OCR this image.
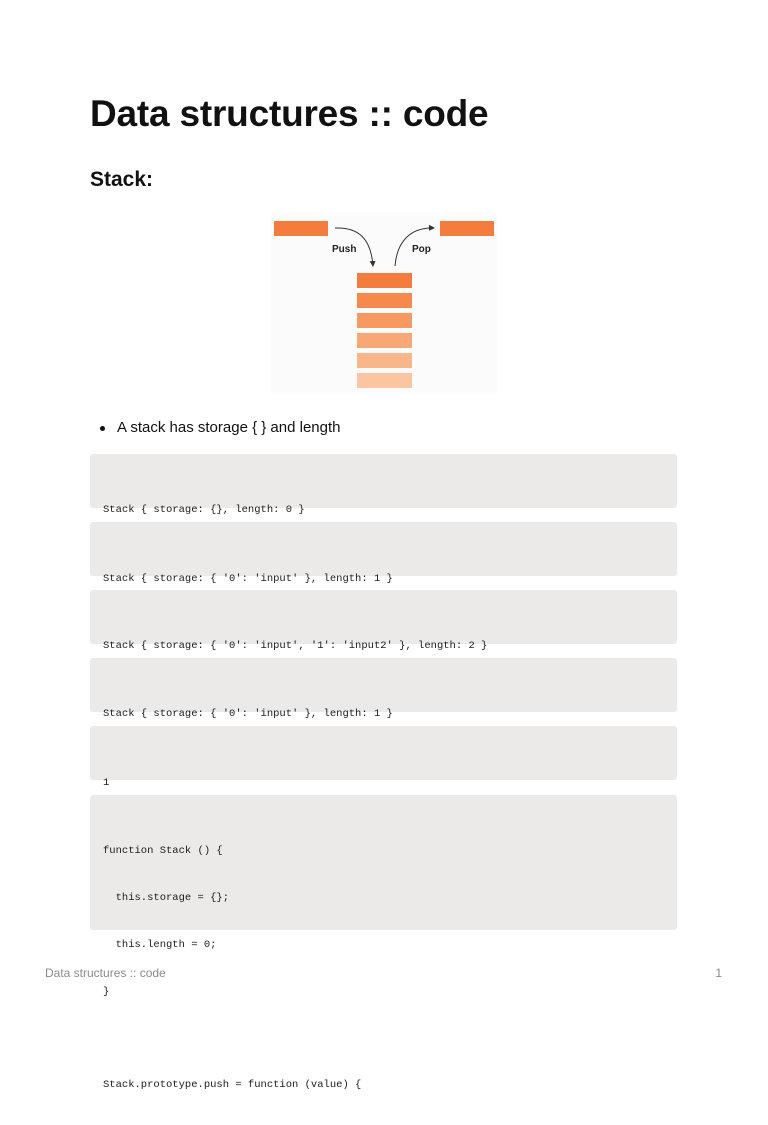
Data structures :: code
Stack:
Push	Pop
A stack has storage { } and length

Stack { storage: {}, length: 0 }

Stack { storage: { '0': 'input' }, length: 1 }

Stack { storage: { '0': 'input', '1': 'input2' }, length: 2 }

Stack { storage: { '0': 'input' }, length: 1 }

1

function Stack () {

this.storage = {};

this.length = 0;

}

Stack.prototype.push = function (value) {

Data structures :: code	1
